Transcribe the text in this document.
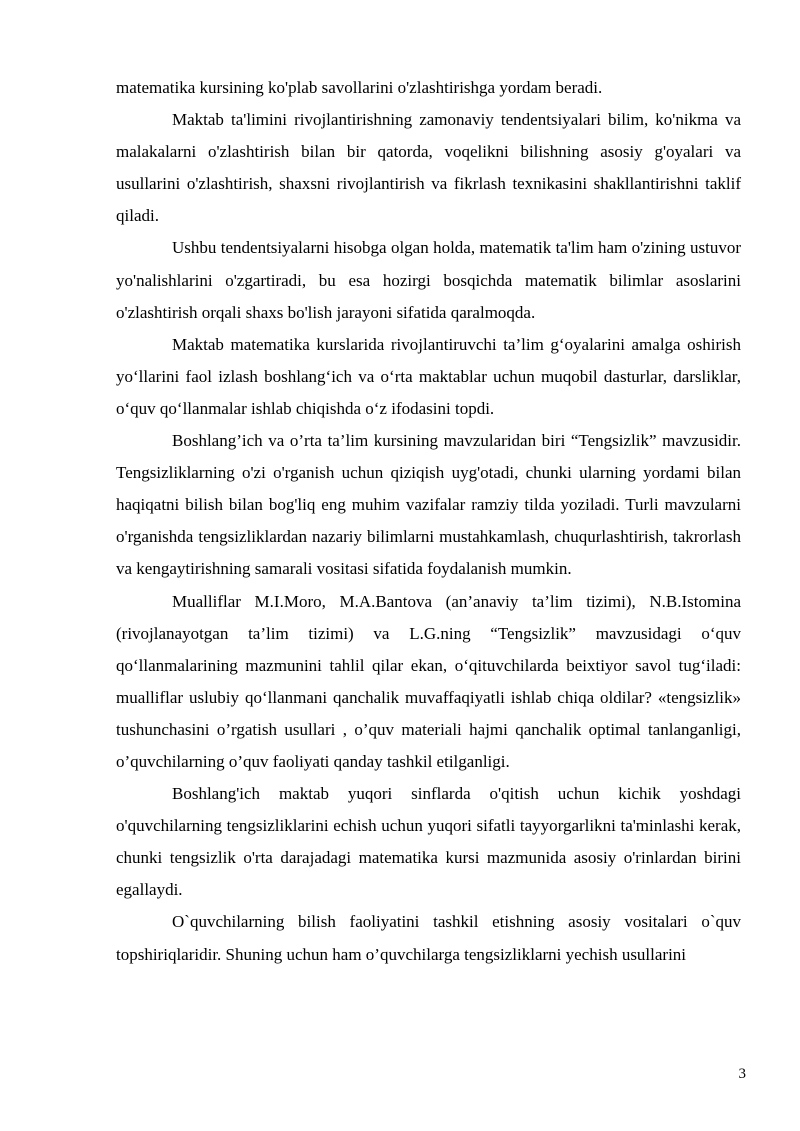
matematika kursining ko'plab savollarini o'zlashtirishga yordam beradi.

Maktab ta'limini rivojlantirishning zamonaviy tendentsiyalari bilim, ko'nikma va malakalarni o'zlashtirish bilan bir qatorda, voqelikni bilishning asosiy g'oyalari va usullarini o'zlashtirish, shaxsni rivojlantirish va fikrlash texnikasini shakllantirishni taklif qiladi.

Ushbu tendentsiyalarni hisobga olgan holda, matematik ta'lim ham o'zining ustuvor yo'nalishlarini o'zgartiradi, bu esa hozirgi bosqichda matematik bilimlar asoslarini o'zlashtirish orqali shaxs bo'lish jarayoni sifatida qaralmoqda.

Maktab matematika kurslarida rivojlantiruvchi ta’lim g‘oyalarini amalga oshirish yo‘llarini faol izlash boshlang‘ich va o‘rta maktablar uchun muqobil dasturlar, darsliklar, o‘quv qo‘llanmalar ishlab chiqishda o‘z ifodasini topdi.

Boshlang’ich va o’rta ta’lim kursining mavzularidan biri “Tengsizlik” mavzusidir. Tengsizliklarning o'zi o'rganish uchun qiziqish uyg'otadi, chunki ularning yordami bilan haqiqatni bilish bilan bog'liq eng muhim vazifalar ramziy tilda yoziladi. Turli mavzularni o'rganishda tengsizliklardan nazariy bilimlarni mustahkamlash, chuqurlashtirish, takrorlash va kengaytirishning samarali vositasi sifatida foydalanish mumkin.

Mualliflar M.I.Moro, M.A.Bantova (an’anaviy ta’lim tizimi), N.B.Istomina (rivojlanayotgan ta’lim tizimi) va L.G.ning “Tengsizlik” mavzusidagi o‘quv qo‘llanmalarining mazmunini tahlil qilar ekan, o‘qituvchilarda beixtiyor savol tug‘iladi: mualliflar uslubiy qo‘llanmani qanchalik muvaffaqiyatli ishlab chiqa oldilar? «tengsizlik» tushunchasini o’rgatish usullari , o’quv materiali hajmi qanchalik optimal tanlanganligi, o’quvchilarning o’quv faoliyati qanday tashkil etilganligi.

Boshlang'ich maktab yuqori sinflarda o'qitish uchun kichik yoshdagi o'quvchilarning tengsizliklarini echish uchun yuqori sifatli tayyorgarlikni ta'minlashi kerak, chunki tengsizlik o'rta darajadagi matematika kursi mazmunida asosiy o'rinlardan birini egallaydi.

O`quvchilarning bilish faoliyatini tashkil etishning asosiy vositalari o`quv topshiriqlaridir. Shuning uchun ham o’quvchilarga tengsizliklarni yechish usullarini

3
